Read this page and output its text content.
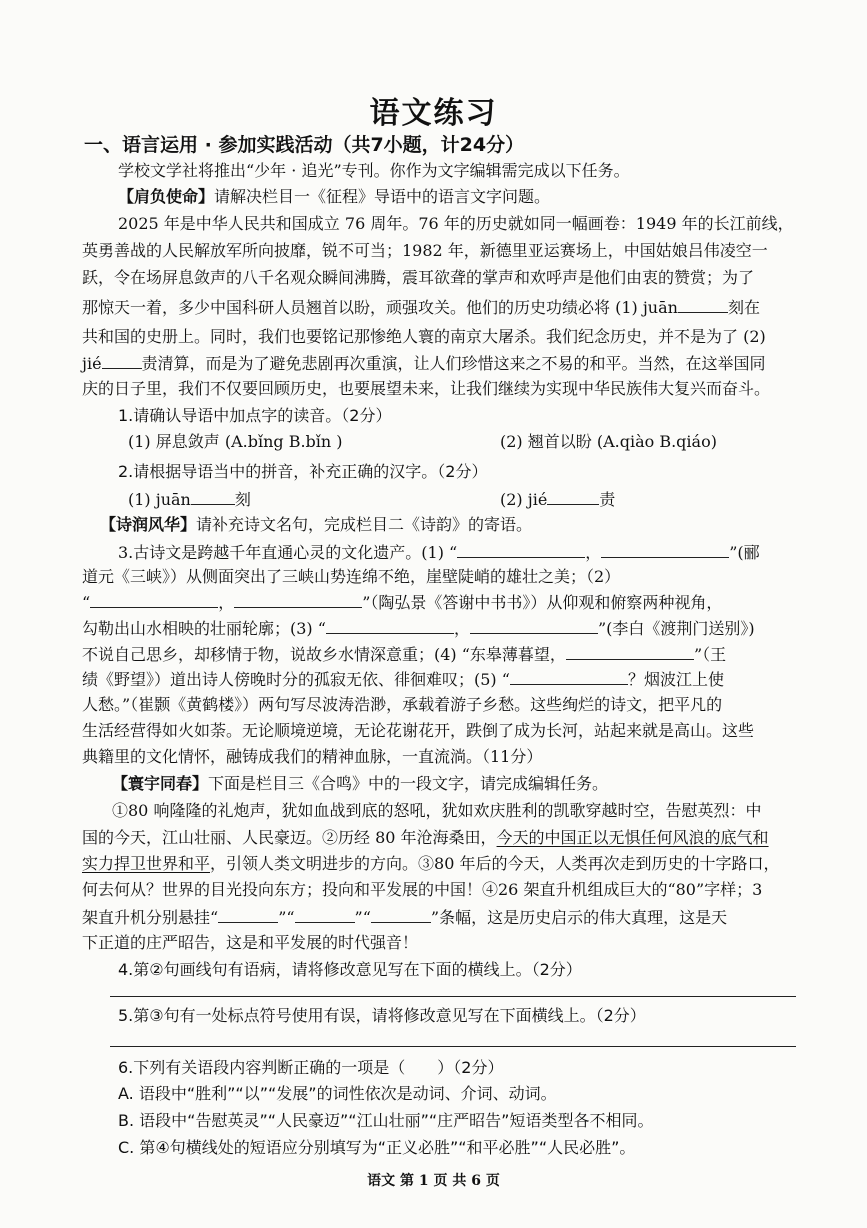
语文练习
一、语言运用 · 参加实践活动（共7小题，计24分）
学校文学社将推出“少年 · 追光”专刊。你作为文字编辑需完成以下任务。
【肩负使命】请解决栏目一《征程》导语中的语言文字问题。
2025 年是中华人民共和国成立 76 周年。76 年的历史就如同一幅画卷：1949 年的长江前线，
英勇善战的人民解放军所向披靡，锐不可当；1982 年，新德里亚运赛场上，中国姑娘吕伟凌空一
跃，令在场屏息敛声的八千名观众瞬间沸腾，震耳欲聋的掌声和欢呼声是他们由衷的赞赏；为了
那惊天一着，多少中国科研人员翘首以盼，顽强攻关。他们的历史功绩必将 (1) juān	刻在
共和国的史册上。同时，我们也要铭记那惨绝人寰的南京大屠杀。我们纪念历史，并不是为了 (2)
jié	责清算，而是为了避免悲剧再次重演，让人们珍惜这来之不易的和平。当然，在这举国同
庆的日子里，我们不仅要回顾历史，也要展望未来，让我们继续为实现中华民族伟大复兴而奋斗。
1.请确认导语中加点字的读音。（2分）
(1) 屏息敛声 (A.bǐng B.bǐn )	(2) 翘首以盼 (A.qiào B.qiáo)
2.请根据导语当中的拼音，补充正确的汉字。（2分）
(1) juān	刻	(2) jié	责
【诗润风华】请补充诗文名句，完成栏目二《诗韵》的寄语。
3.古诗文是跨越千年直通心灵的文化遗产。(1) “	，	”(郦
道元《三峡》）从侧面突出了三峡山势连绵不绝，崖壁陡峭的雄壮之美；（2）
“	，	”（陶弘景《答谢中书书》）从仰观和俯察两种视角，
勾勒出山水相映的壮丽轮廓；(3) “	，	”(李白《渡荆门送别》)
不说自己思乡，却移情于物，说故乡水情深意重；(4) “东皋薄暮望，	”（王
绩《野望》）道出诗人傍晚时分的孤寂无依、徘徊难叹；(5) “	？烟波江上使
人愁。”（崔颢《黄鹤楼》）两句写尽波涛浩渺，承载着游子乡愁。这些绚烂的诗文，把平凡的
生活经营得如火如荼。无论顺境逆境，无论花谢花开，跌倒了成为长河，站起来就是高山。这些
典籍里的文化情怀，融铸成我们的精神血脉，一直流淌。（11分）
【寰宇同春】下面是栏目三《合鸣》中的一段文字，请完成编辑任务。
①80 响隆隆的礼炮声，犹如血战到底的怒吼，犹如欢庆胜利的凯歌穿越时空，告慰英烈：中
国的今天，江山壮丽、人民豪迈。②历经 80 年沧海桑田，今天的中国正以无惧任何风浪的底气和
实力捍卫世界和平，引领人类文明进步的方向。③80 年后的今天，人类再次走到历史的十字路口，
何去何从？世界的目光投向东方；投向和平发展的中国！④26 架直升机组成巨大的“80”字样；3
架直升机分别悬挂“	”“	”“	”条幅，这是历史启示的伟大真理，这是天
下正道的庄严昭告，这是和平发展的时代强音！
4.第②句画线句有语病，请将修改意见写在下面的横线上。（2分）
5.第③句有一处标点符号使用有误，请将修改意见写在下面横线上。（2分）
6.下列有关语段内容判断正确的一项是（　　）（2分）
A. 语段中“胜利”“以”“发展”的词性依次是动词、介词、动词。
B. 语段中“告慰英灵”“人民豪迈”“江山壮丽”“庄严昭告”短语类型各不相同。
C. 第④句横线处的短语应分别填写为“正义必胜”“和平必胜”“人民必胜”。
语文 第 1 页 共 6 页
